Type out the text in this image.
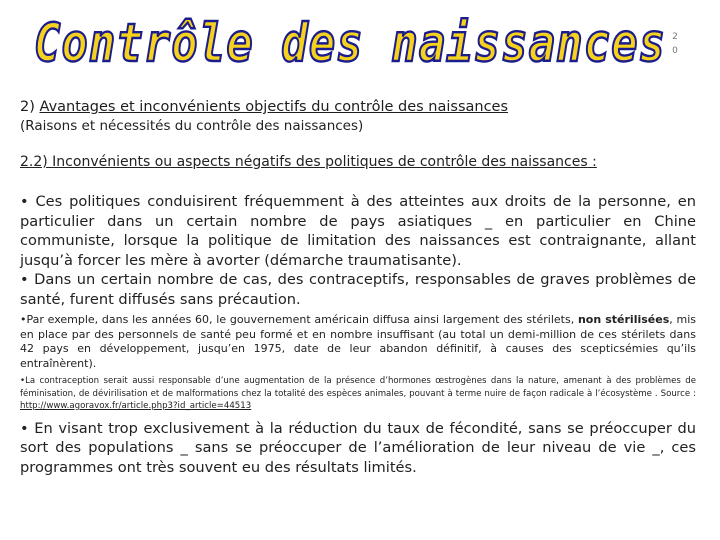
Contrôle des naissances 2
0
2) Avantages et inconvénients objectifs du contrôle des naissances
(Raisons et nécessités du contrôle des naissances)
2.2) Inconvénients ou aspects négatifs des politiques de contrôle des naissances :
• Ces politiques conduisirent fréquemment à des atteintes aux droits de la personne, en particulier dans un certain nombre de pays asiatiques _ en particulier en Chine communiste, lorsque la politique de limitation des naissances est contraignante, allant jusqu’à forcer les mère à avorter (démarche traumatisante).
• Dans un certain nombre de cas, des contraceptifs, responsables de graves problèmes de santé, furent diffusés sans précaution.
•Par exemple, dans les années 60, le gouvernement américain diffusa ainsi largement des stérilets, non stérilisées, mis en place par des personnels de santé peu formé et en nombre insuffisant (au total un demi-million de ces stérilets dans 42 pays en développement, jusqu’en 1975, date de leur abandon définitif, à causes des scepticsémies qu’ils entraînèrent).
•La contraception serait aussi responsable d’une augmentation de la présence d’hormones œstrogènes dans la nature, amenant à des problèmes de féminisation, de dévirilisation et de malformations chez la totalité des espèces animales, pouvant à terme nuire de façon radicale à l’écosystème . Source : http://www.agoravox.fr/article.php3?id_article=44513
• En visant trop exclusivement à la réduction du taux de fécondité, sans se préoccuper du sort des populations _ sans se préoccuper de l’amélioration de leur niveau de vie _, ces programmes ont très souvent eu des résultats limités.
